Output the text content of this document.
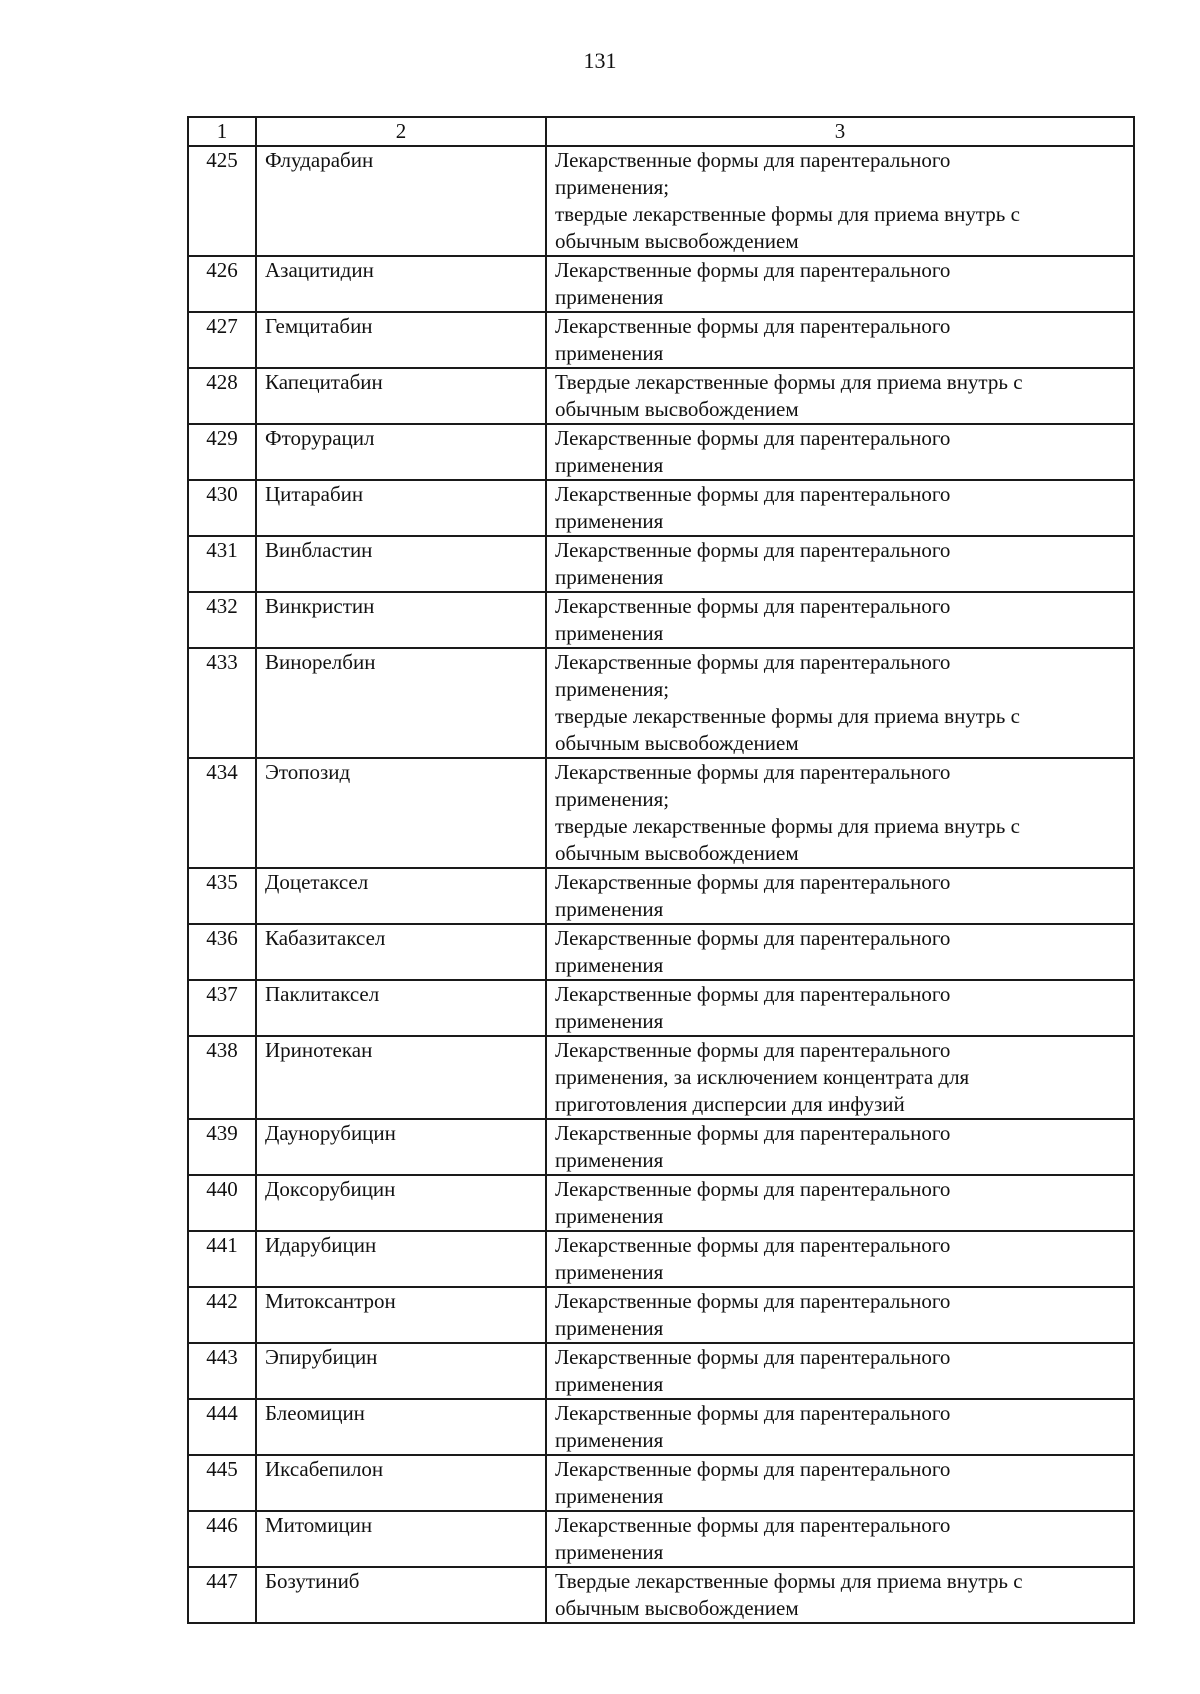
131
1	2	3
425	Флударабин	Лекарственные формы для парентерального
применения;
твердые лекарственные формы для приема внутрь с
обычным высвобождением
426	Азацитидин	Лекарственные формы для парентерального
применения
427	Гемцитабин	Лекарственные формы для парентерального
применения
428	Капецитабин	Твердые лекарственные формы для приема внутрь с
обычным высвобождением
429	Фторурацил	Лекарственные формы для парентерального
применения
430	Цитарабин	Лекарственные формы для парентерального
применения
431	Винбластин	Лекарственные формы для парентерального
применения
432	Винкристин	Лекарственные формы для парентерального
применения
433	Винорелбин	Лекарственные формы для парентерального
применения;
твердые лекарственные формы для приема внутрь с
обычным высвобождением
434	Этопозид	Лекарственные формы для парентерального
применения;
твердые лекарственные формы для приема внутрь с
обычным высвобождением
435	Доцетаксел	Лекарственные формы для парентерального
применения
436	Кабазитаксел	Лекарственные формы для парентерального
применения
437	Паклитаксел	Лекарственные формы для парентерального
применения
438	Иринотекан	Лекарственные формы для парентерального
применения, за исключением концентрата для
приготовления дисперсии для инфузий
439	Даунорубицин	Лекарственные формы для парентерального
применения
440	Доксорубицин	Лекарственные формы для парентерального
применения
441	Идарубицин	Лекарственные формы для парентерального
применения
442	Митоксантрон	Лекарственные формы для парентерального
применения
443	Эпирубицин	Лекарственные формы для парентерального
применения
444	Блеомицин	Лекарственные формы для парентерального
применения
445	Иксабепилон	Лекарственные формы для парентерального
применения
446	Митомицин	Лекарственные формы для парентерального
применения
447	Бозутиниб	Твердые лекарственные формы для приема внутрь с
обычным высвобождением
